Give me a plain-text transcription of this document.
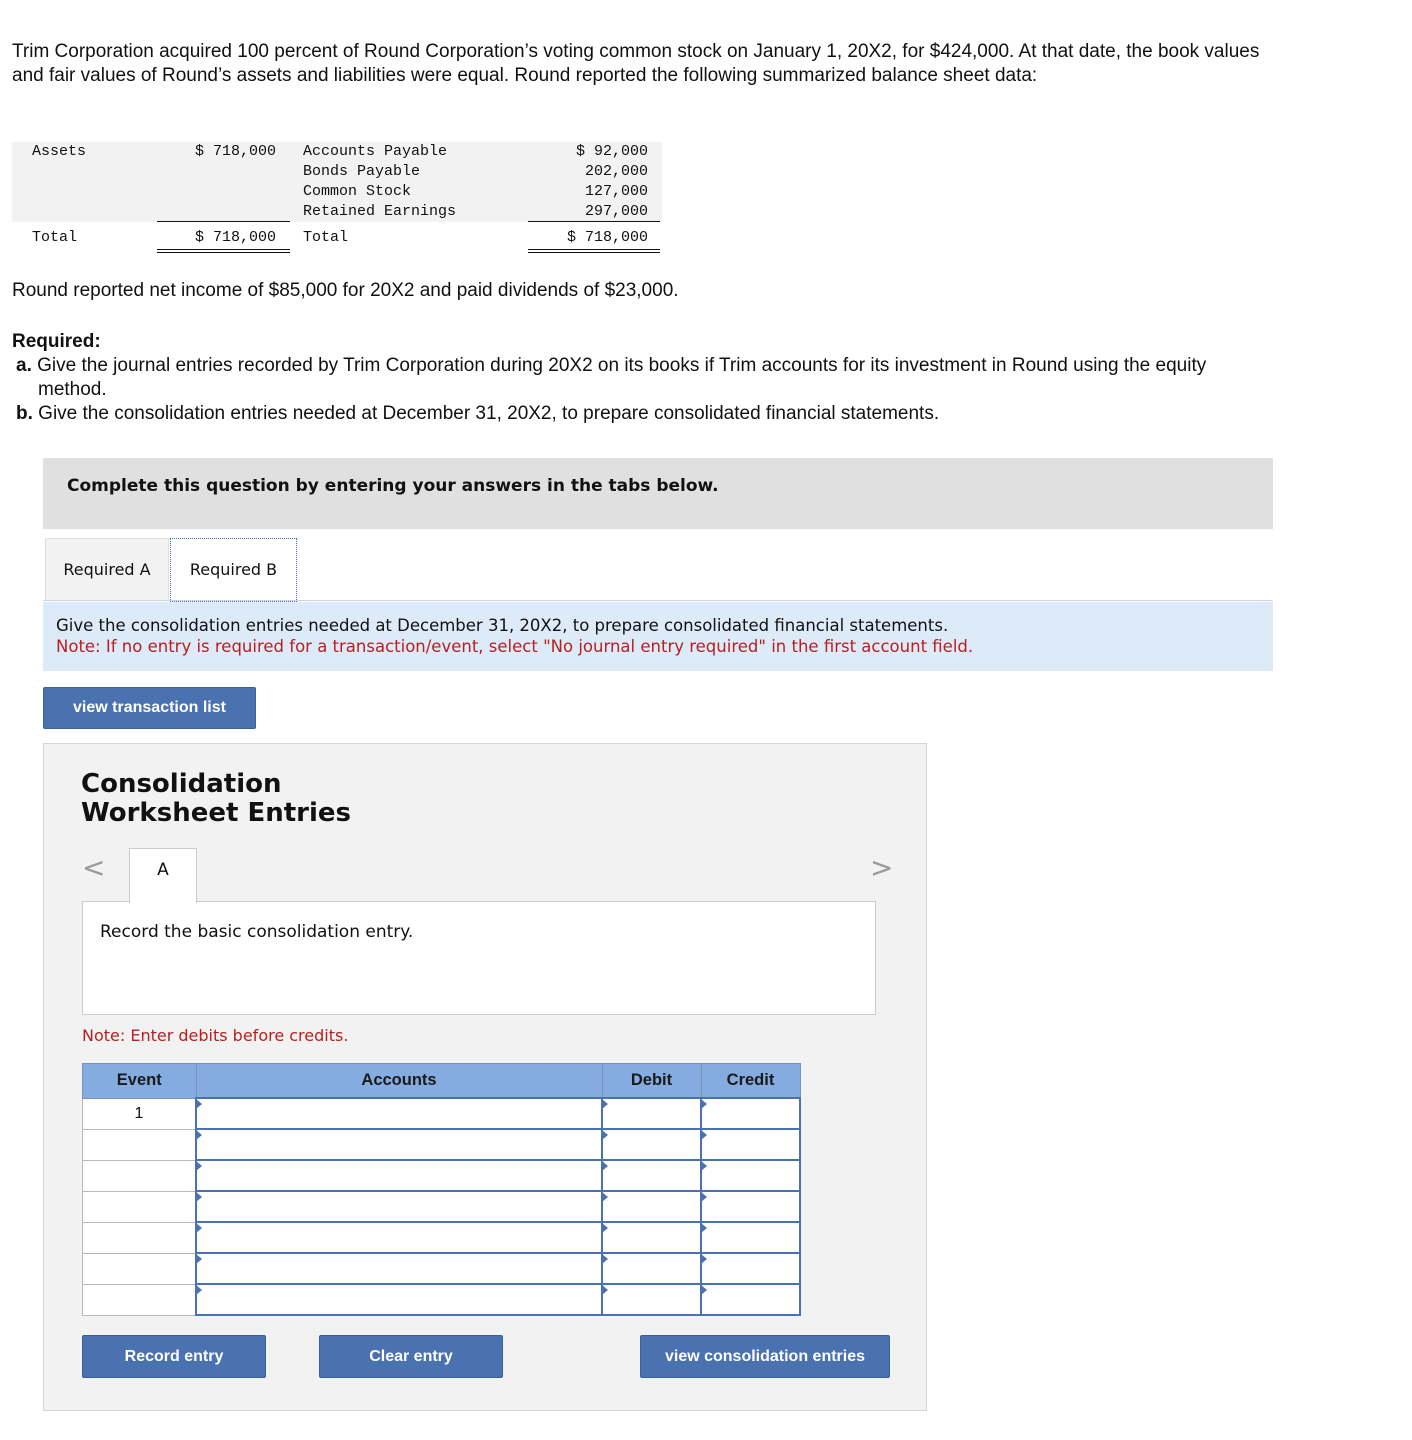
Trim Corporation acquired 100 percent of Round Corporation’s voting common stock on January 1, 20X2, for $424,000. At that date, the book values and fair values of Round’s assets and liabilities were equal. Round reported the following summarized balance sheet data:
Assets	$ 718,000 Accounts Payable	$ 92,000
Bonds Payable	202,000
Common Stock	127,000
Retained Earnings	297,000
Total	$ 718,000 Total	$ 718,000
Round reported net income of $85,000 for 20X2 and paid dividends of $23,000.
Required:
a. Give the journal entries recorded by Trim Corporation during 20X2 on its books if Trim accounts for its investment in Round using the equity method.
b. Give the consolidation entries needed at December 31, 20X2, to prepare consolidated financial statements.
Complete this question by entering your answers in the tabs below.
Required A	Required B
Give the consolidation entries needed at December 31, 20X2, to prepare consolidated financial statements.
Note: If no entry is required for a transaction/event, select "No journal entry required" in the first account field.
view transaction list
Consolidation Worksheet Entries
<	>
A
Record the basic consolidation entry.
Note: Enter debits before credits.
Event	Accounts	Debit	Credit
1			

Record entry	Clear entry	view consolidation entries
